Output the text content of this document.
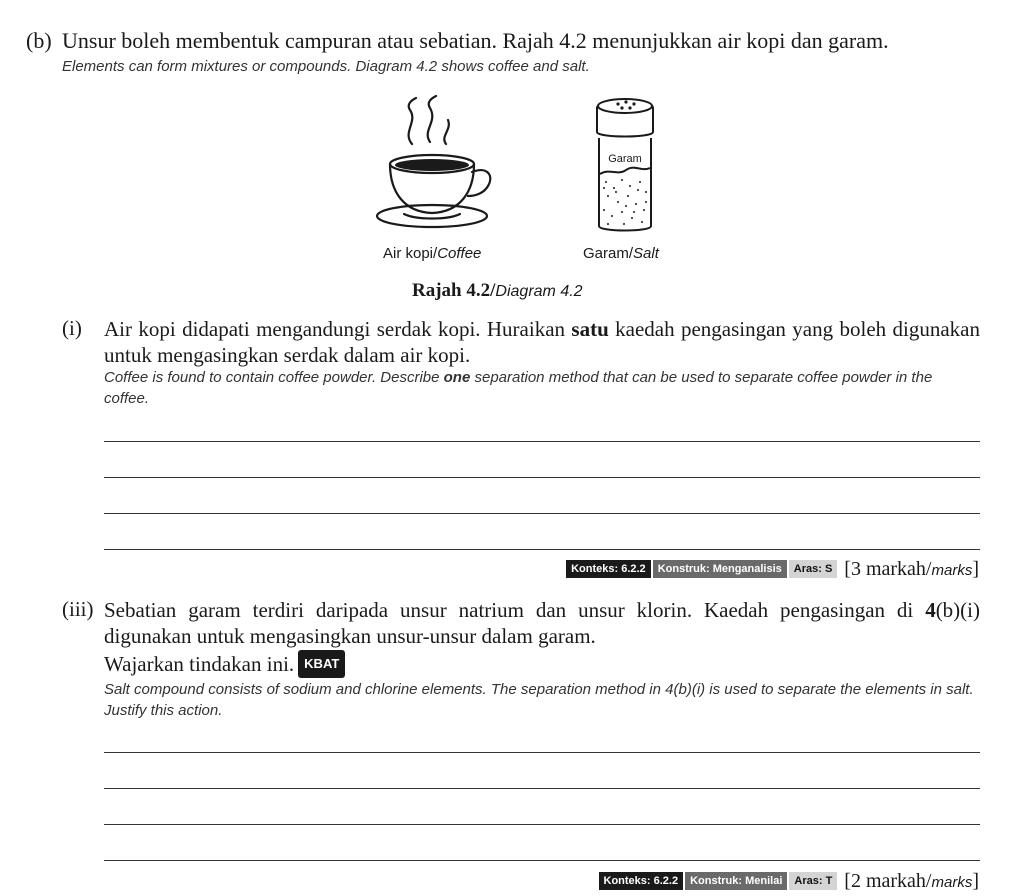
(b) Unsur boleh membentuk campuran atau sebatian. Rajah 4.2 menunjukkan air kopi dan garam.
Elements can form mixtures or compounds. Diagram 4.2 shows coffee and salt.
Garam
Air kopi/Coffee	Garam/Salt
Rajah 4.2/Diagram 4.2
(i) Air kopi didapati mengandungi serdak kopi. Huraikan satu kaedah pengasingan yang boleh digunakan untuk mengasingkan serdak dalam air kopi.
Coffee is found to contain coffee powder. Describe one separation method that can be used to separate coffee powder in the coffee.
Konteks: 6.2.2	Konstruk: Menganalisis	Aras: S [3 markah/marks]
(iii) Sebatian garam terdiri daripada unsur natrium dan unsur klorin. Kaedah pengasingan di 4(b)(i) digunakan untuk mengasingkan unsur-unsur dalam garam.
Wajarkan tindakan ini. KBAT
Salt compound consists of sodium and chlorine elements. The separation method in 4(b)(i) is used to separate the elements in salt. Justify this action.
Konteks: 6.2.2	Konstruk: Menilai	Aras: T [2 markah/marks]
